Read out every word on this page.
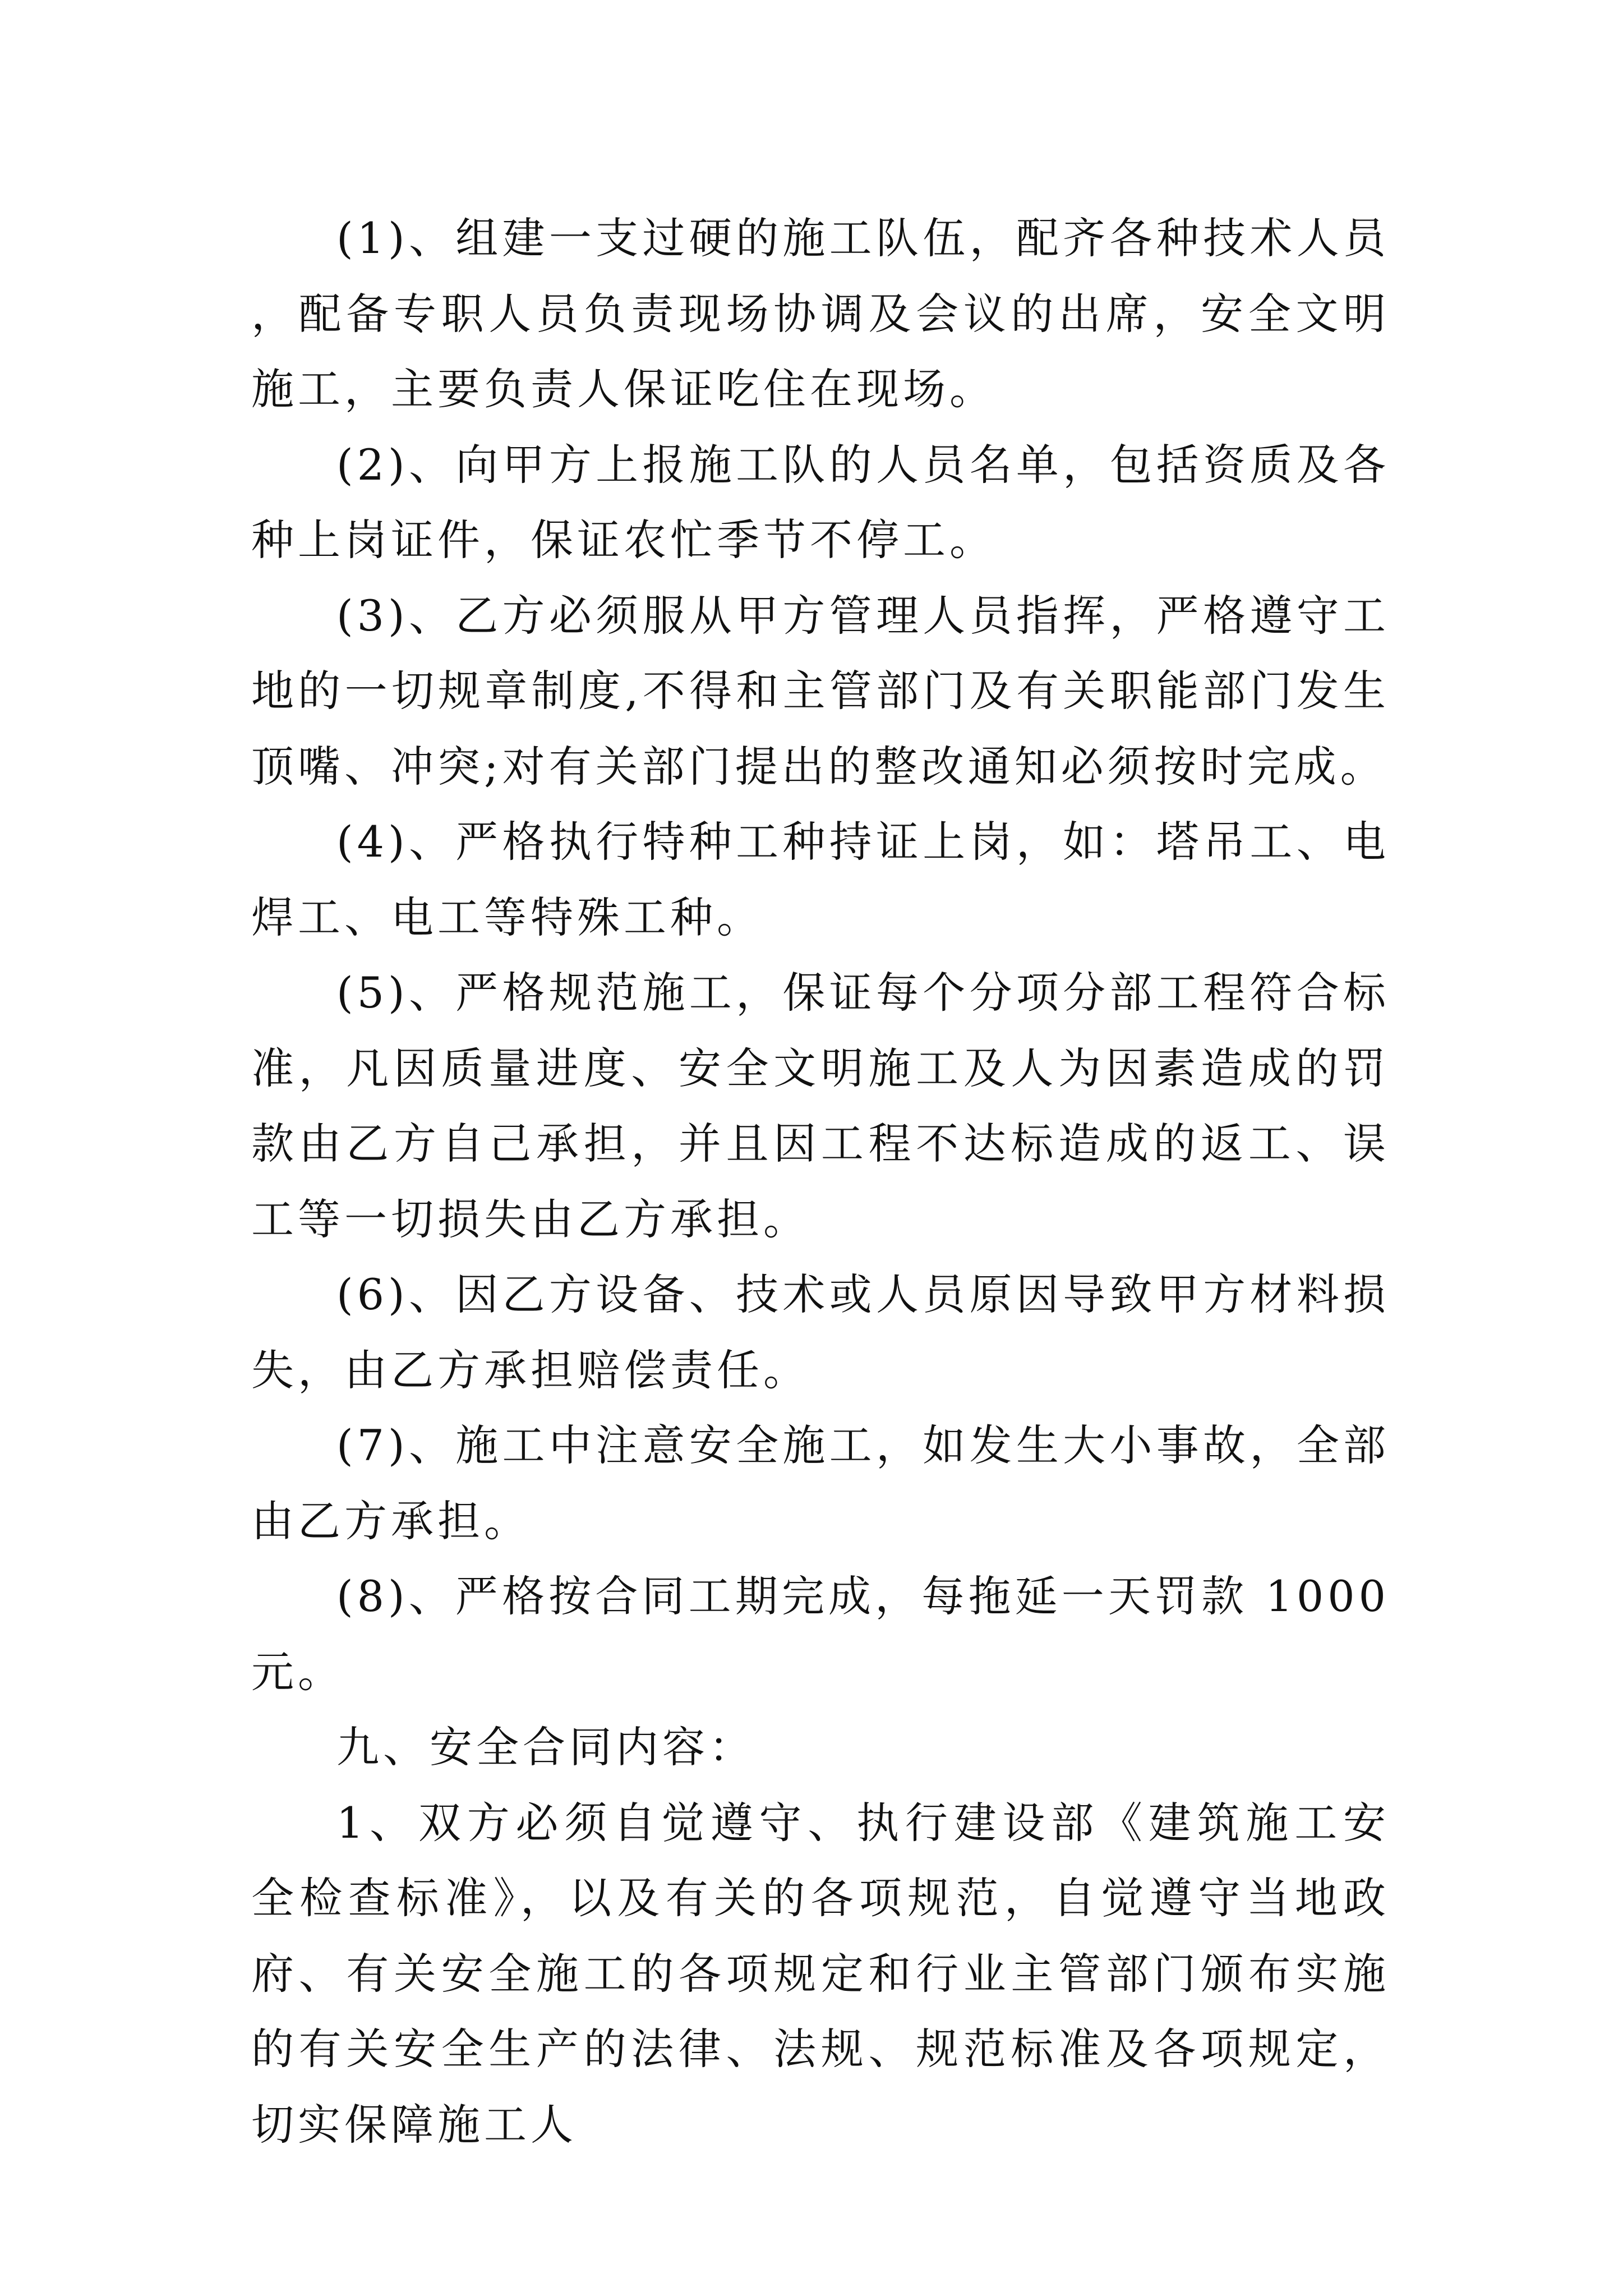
(1)、组建一支过硬的施工队伍，配齐各种技术人员，配备专职人员负责现场协调及会议的出席，安全文明施工，主要负责人保证吃住在现场。

(2)、向甲方上报施工队的人员名单，包括资质及各种上岗证件，保证农忙季节不停工。

(3)、乙方必须服从甲方管理人员指挥，严格遵守工地的一切规章制度,不得和主管部门及有关职能部门发生顶嘴、冲突;对有关部门提出的整改通知必须按时完成。

(4)、严格执行特种工种持证上岗，如：塔吊工、电焊工、电工等特殊工种。

(5)、严格规范施工，保证每个分项分部工程符合标准，凡因质量进度、安全文明施工及人为因素造成的罚款由乙方自己承担，并且因工程不达标造成的返工、误工等一切损失由乙方承担。

(6)、因乙方设备、技术或人员原因导致甲方材料损失，由乙方承担赔偿责任。

(7)、施工中注意安全施工，如发生大小事故，全部由乙方承担。

(8)、严格按合同工期完成，每拖延一天罚款 1000 元。

九、安全合同内容：

1、双方必须自觉遵守、执行建设部《建筑施工安全检查标准》，以及有关的各项规范，自觉遵守当地政府、有关安全施工的各项规定和行业主管部门颁布实施的有关安全生产的法律、法规、规范标准及各项规定，切实保障施工人
